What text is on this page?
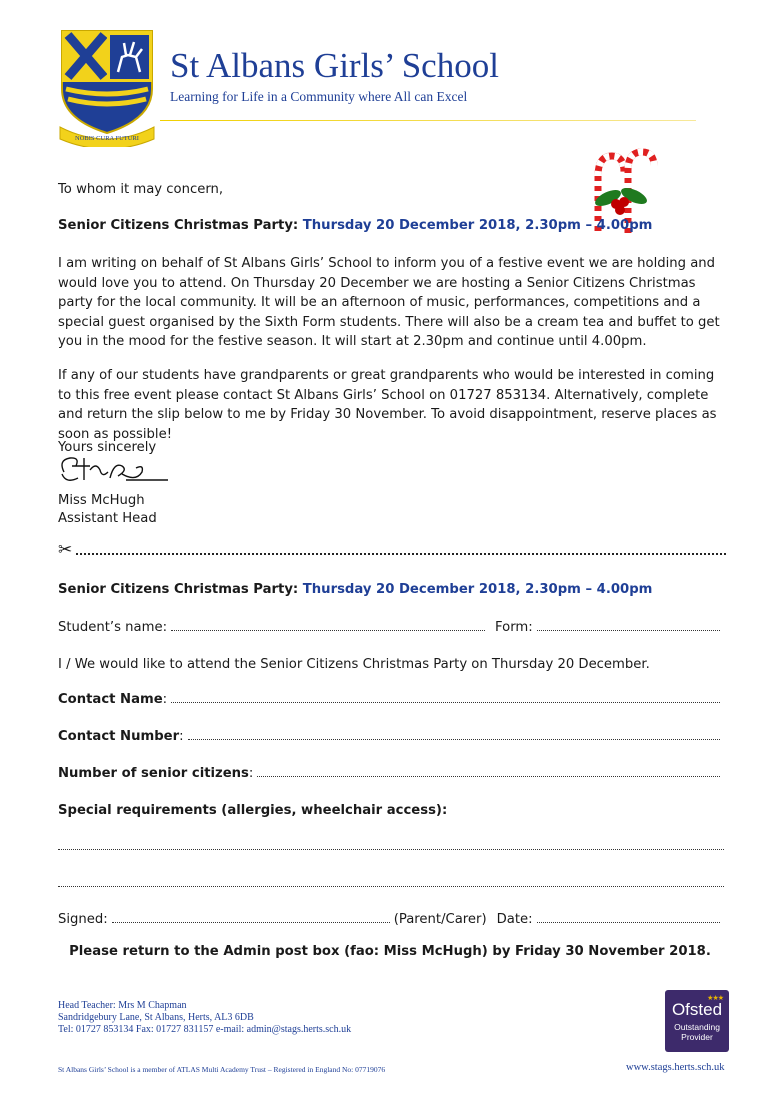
NOBIS CURA FUTURI
St Albans Girls’ School
Learning for Life in a Community where All can Excel
To whom it may concern,
Senior Citizens Christmas Party: Thursday 20 December 2018, 2.30pm – 4.00pm
I am writing on behalf of St Albans Girls’ School to inform you of a festive event we are holding and would love you to attend. On Thursday 20 December we are hosting a Senior Citizens Christmas party for the local community. It will be an afternoon of music, performances, competitions and a special guest organised by the Sixth Form students. There will also be a cream tea and buffet to get you in the mood for the festive season. It will start at 2.30pm and continue until 4.00pm.
If any of our students have grandparents or great grandparents who would be interested in coming to this free event please contact St Albans Girls’ School on 01727 853134. Alternatively, complete and return the slip below to me by Friday 30 November. To avoid disappointment, reserve places as soon as possible!
Yours sincerely
Miss McHugh
Assistant Head
✂
Senior Citizens Christmas Party: Thursday 20 December 2018, 2.30pm – 4.00pm
Student’s name:	Form:
I / We would like to attend the Senior Citizens Christmas Party on Thursday 20 December.
Contact Name:
Contact Number:
Number of senior citizens:
Special requirements (allergies, wheelchair access) :
Signed:	(Parent/Carer) Date:
Please return to the Admin post box (fao: Miss McHugh) by Friday 30 November 2018.
Head Teacher: Mrs M Chapman
Sandridgebury Lane, St Albans, Herts, AL3 6DB
Tel: 01727 853134 Fax: 01727 831157 e-mail: admin@stags.herts.sch.uk
St Albans Girls’ School is a member of ATLAS Multi Academy Trust – Registered in England No: 07719076	www.stags.herts.sch.uk
★★★
Ofsted
Outstanding
Provider
